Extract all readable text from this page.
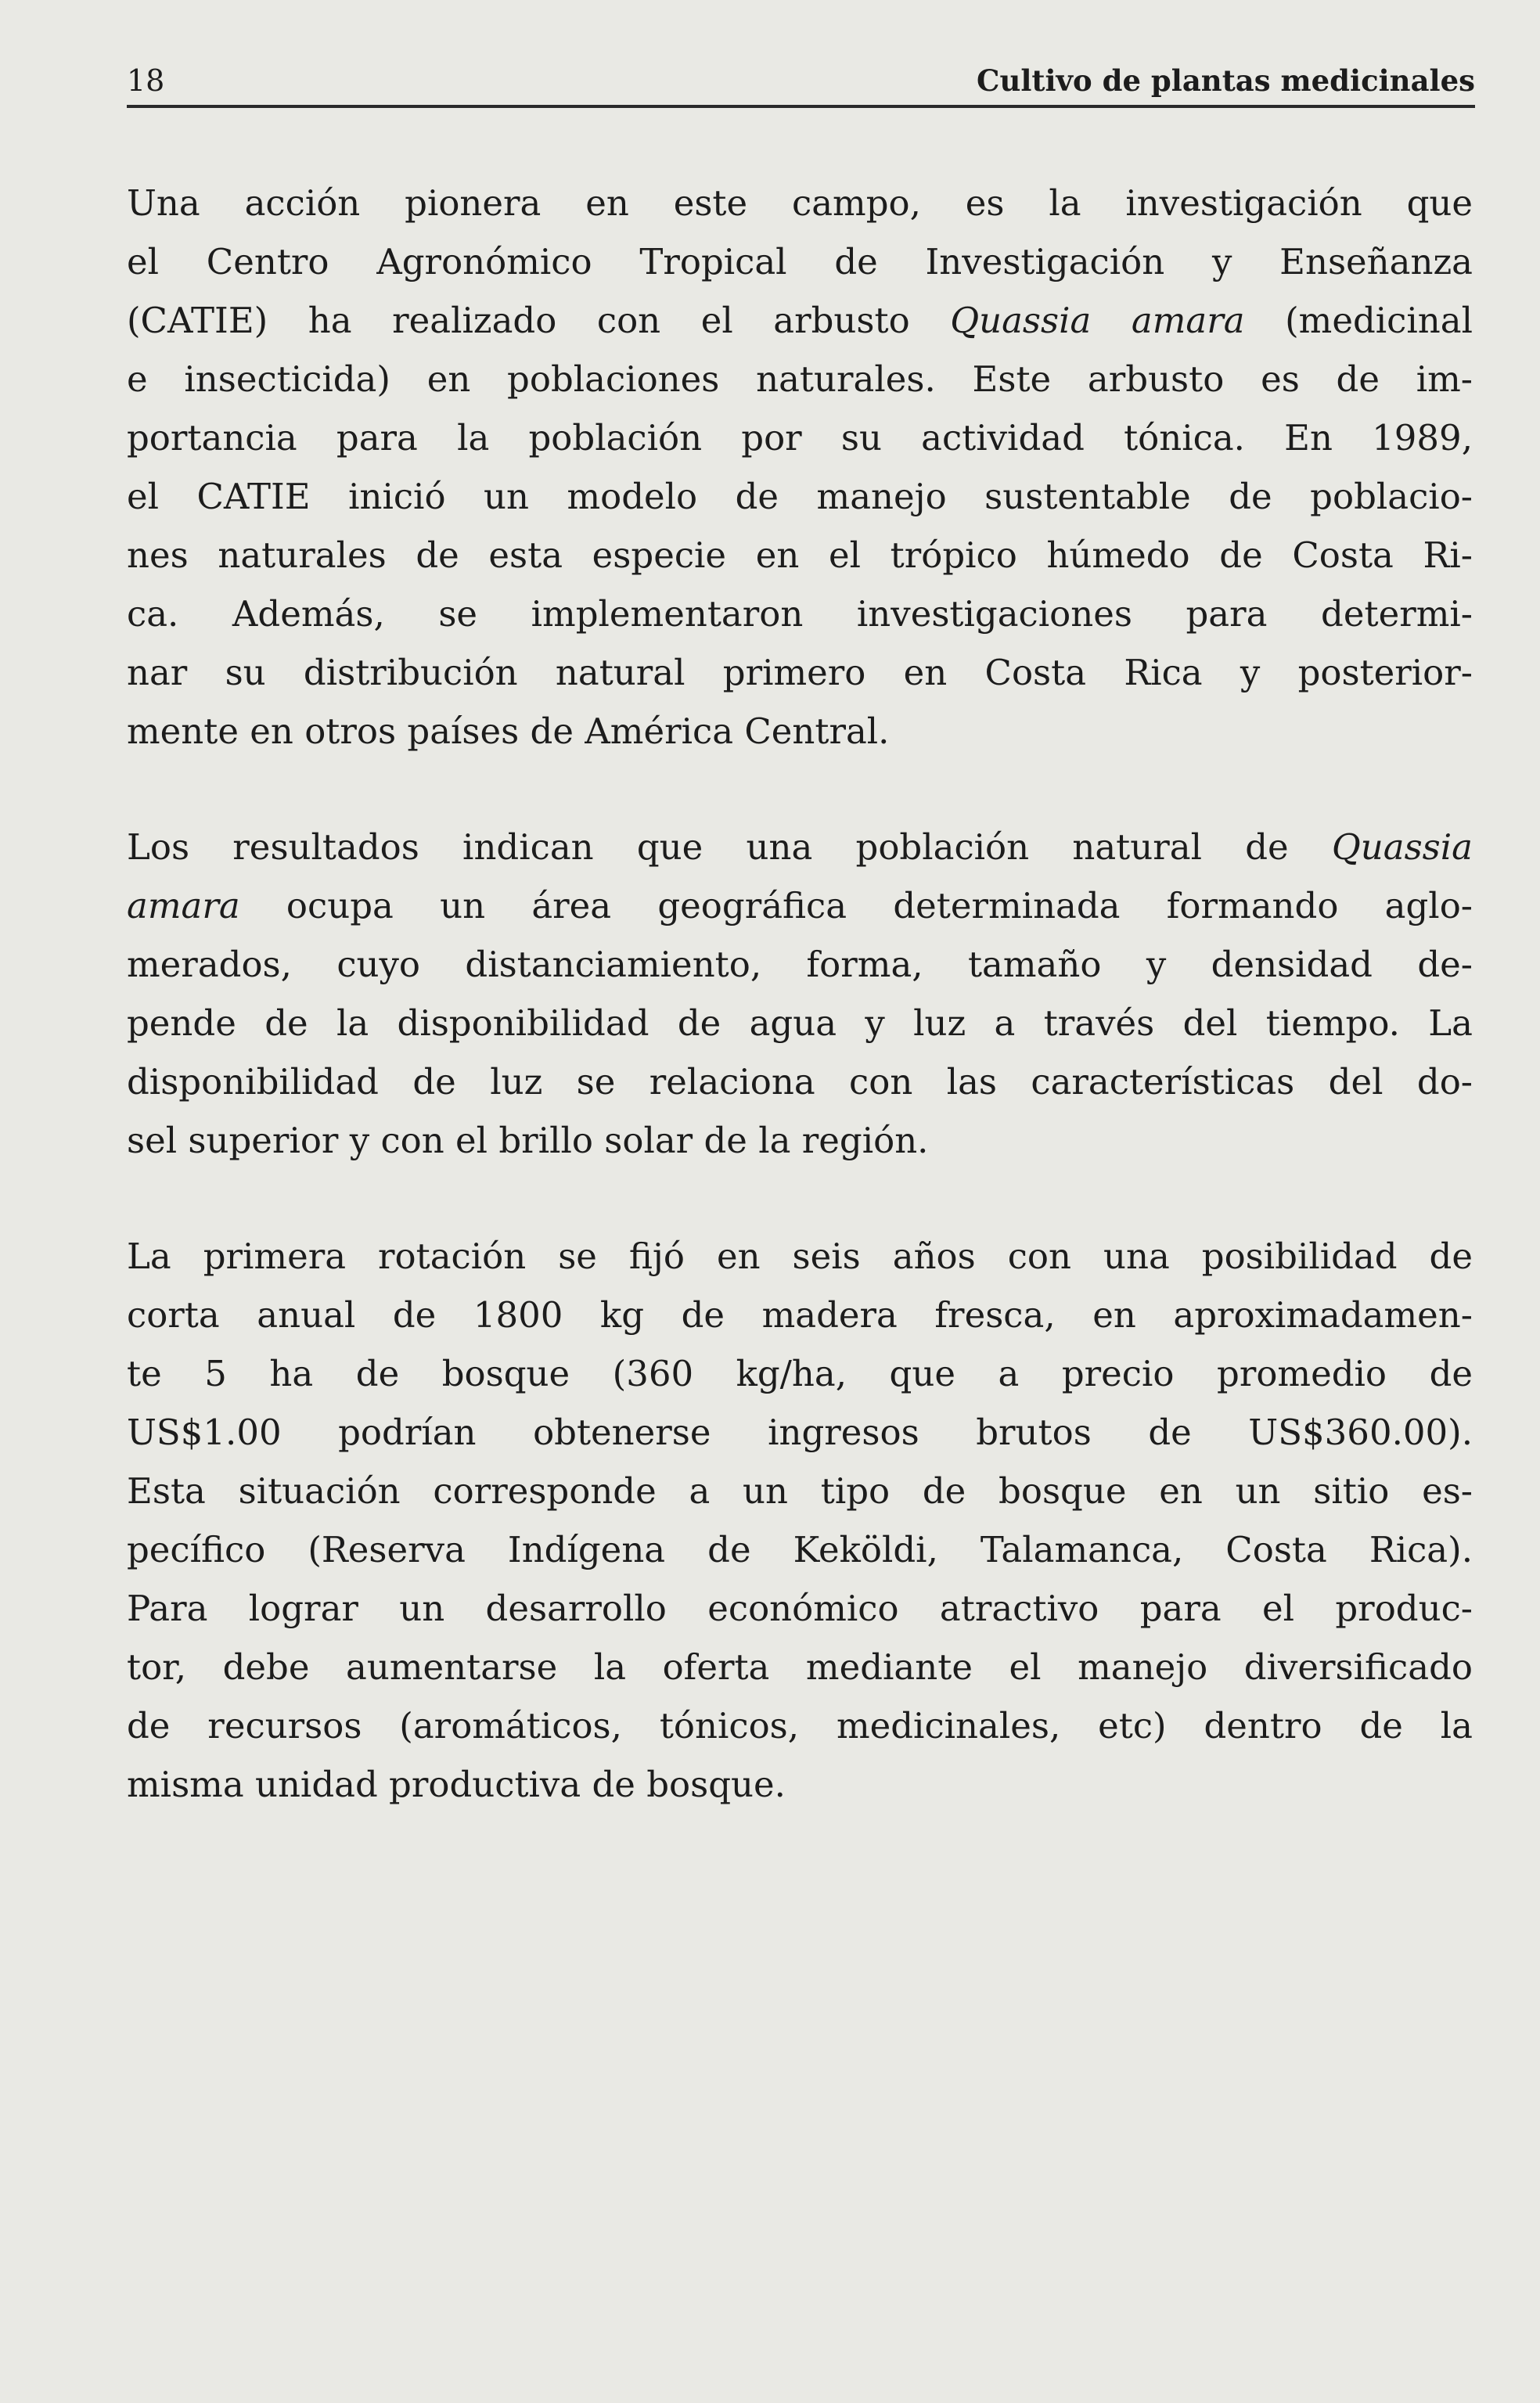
18	Cultivo de plantas medicinales
Una acción pionera en este campo, es la investigación que
el Centro Agronómico Tropical de Investigación y Enseñanza
(CATIE) ha realizado con el arbusto Quassia amara (medicinal
e insecticida) en poblaciones naturales. Este arbusto es de im-
portancia para la población por su actividad tónica. En 1989,
el CATIE inició un modelo de manejo sustentable de poblacio-
nes naturales de esta especie en el trópico húmedo de Costa Ri-
ca. Además, se implementaron investigaciones para determi-
nar su distribución natural primero en Costa Rica y posterior-
mente en otros países de América Central.
Los resultados indican que una población natural de Quassia
amara ocupa un área geográfica determinada formando aglo-
merados, cuyo distanciamiento, forma, tamaño y densidad de-
pende de la disponibilidad de agua y luz a través del tiempo. La
disponibilidad de luz se relaciona con las características del do-
sel superior y con el brillo solar de la región.
La primera rotación se fijó en seis años con una posibilidad de
corta anual de 1800 kg de madera fresca, en aproximadamen-
te 5 ha de bosque (360 kg/ha, que a precio promedio de
US$1.00 podrían obtenerse ingresos brutos de US$360.00).
Esta situación corresponde a un tipo de bosque en un sitio es-
pecífico (Reserva Indígena de Keköldi, Talamanca, Costa Rica).
Para lograr un desarrollo económico atractivo para el produc-
tor, debe aumentarse la oferta mediante el manejo diversificado
de recursos (aromáticos, tónicos, medicinales, etc) dentro de la
misma unidad productiva de bosque.
